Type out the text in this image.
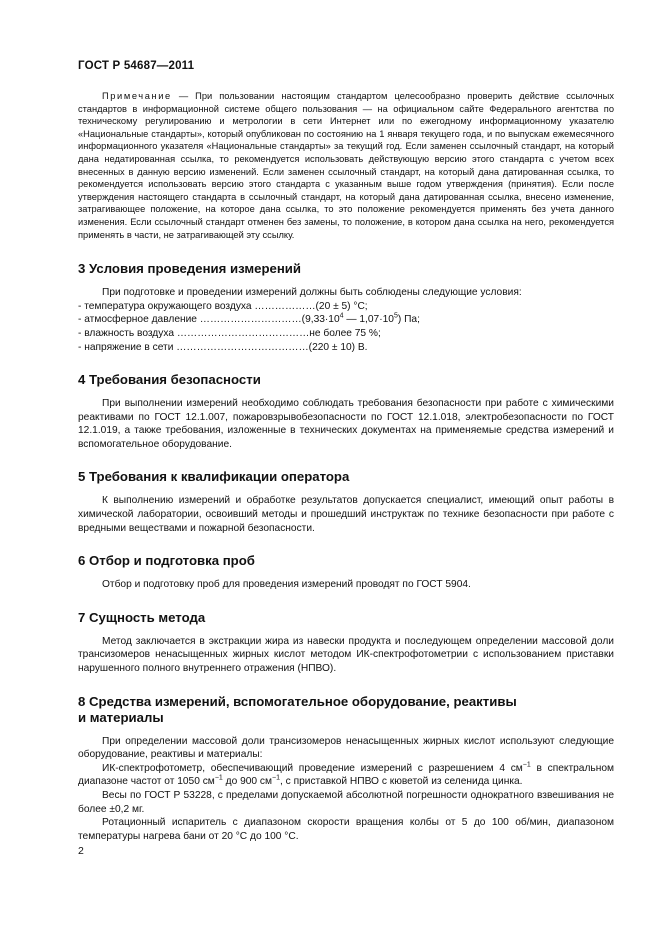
ГОСТ Р 54687—2011

Примечание — При пользовании настоящим стандартом целесообразно проверить действие ссылочных стандартов в информационной системе общего пользования — на официальном сайте Федерального агентства по техническому регулированию и метрологии в сети Интернет или по ежегодному информационному указателю «Национальные стандарты», который опубликован по состоянию на 1 января текущего года, и по выпускам ежемесячного информационного указателя «Национальные стандарты» за текущий год. Если заменен ссылочный стандарт, на который дана недатированная ссылка, то рекомендуется использовать действующую версию этого стандарта с учетом всех внесенных в данную версию изменений. Если заменен ссылочный стандарт, на который дана датированная ссылка, то рекомендуется использовать версию этого стандарта с указанным выше годом утверждения (принятия). Если после утверждения настоящего стандарта в ссылочный стандарт, на который дана датированная ссылка, внесено изменение, затрагивающее положение, на которое дана ссылка, то это положение рекомендуется применять без учета данного изменения. Если ссылочный стандарт отменен без замены, то положение, в котором дана ссылка на него, рекомендуется применять в части, не затрагивающей эту ссылку.

3 Условия проведения измерений

При подготовке и проведении измерений должны быть соблюдены следующие условия:

- температура окружающего воздуха ………………(20 ± 5) °С;

- атмосферное давление $\dots\dots\dots\dots\dots\dots\dots\dots\dots\dots(9,33\cdot 10^4$ — $1,07\cdot 10^5$) Па;

- влажность воздуха …………………………………не более 75 %;

- напряжение в сети …………………………………(220 ± 10) В.

4 Требования безопасности

При выполнении измерений необходимо соблюдать требования безопасности при работе с химическими реактивами по ГОСТ 12.1.007, пожаровзрывобезопасности по ГОСТ 12.1.018, электробезопасности по ГОСТ 12.1.019, а также требования, изложенные в технических документах на применяемые средства измерений и вспомогательное оборудование.

5 Требования к квалификации оператора

К выполнению измерений и обработке результатов допускается специалист, имеющий опыт работы в химической лаборатории, освоивший методы и прошедший инструктаж по технике безопасности при работе с вредными веществами и пожарной безопасности.

6 Отбор и подготовка проб

Отбор и подготовку проб для проведения измерений проводят по ГОСТ 5904.

7 Сущность метода

Метод заключается в экстракции жира из навески продукта и последующем определении массовой доли трансизомеров ненасыщенных жирных кислот методом ИК-спектрофотометрии с использованием приставки нарушенного полного внутреннего отражения (НПВО).

8 Средства измерений, вспомогательное оборудование, реактивы
и материалы

При определении массовой доли трансизомеров ненасыщенных жирных кислот используют следующие оборудование, реактивы и материалы:

ИК-спектрофотометр, обеспечивающий проведение измерений с разрешением 4 $см^{-1}$ в спектральном диапазоне частот от 1050 $см^{-1}$ до 900 $см^{-1}$, с приставкой НПВО с кюветой из селенида цинка.

Весы по ГОСТ Р 53228, с пределами допускаемой абсолютной погрешности однократного взвешивания не более ±0,2 мг.

Ротационный испаритель с диапазоном скорости вращения колбы от 5 до 100 об/мин, диапазоном температуры нагрева бани от 20 °С до 100 °С.

2
